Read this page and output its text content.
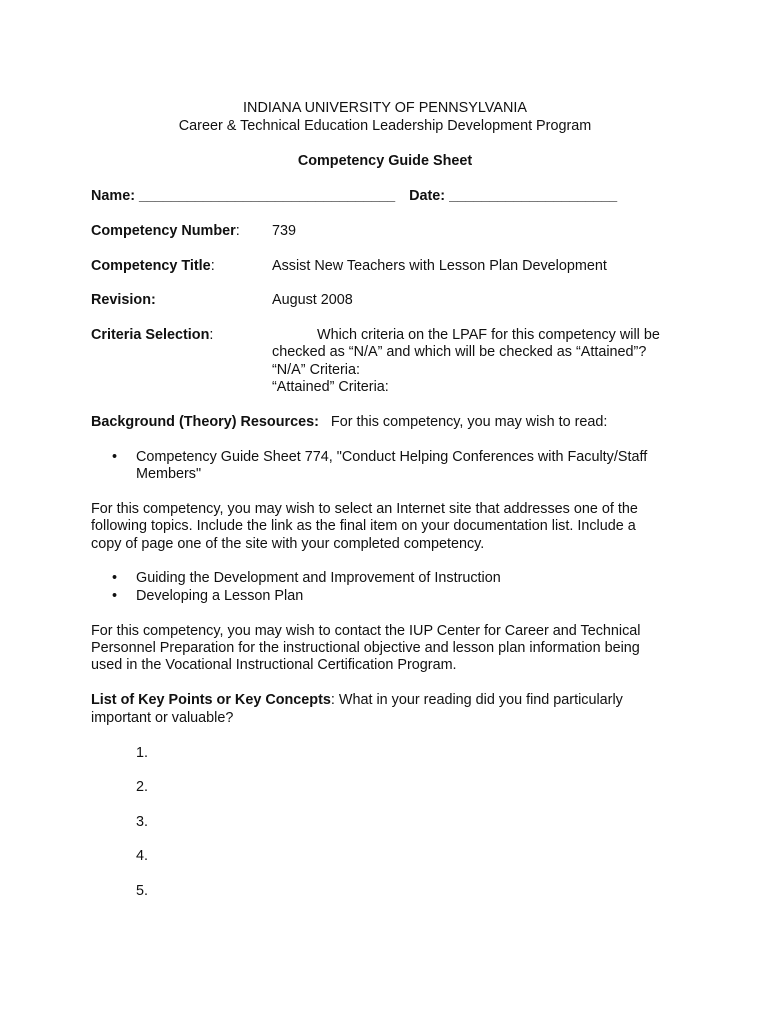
INDIANA UNIVERSITY OF PENNSYLVANIA
Career & Technical Education Leadership Development Program
Competency Guide Sheet
Name: ________________________________ Date: _____________________
Competency Number: 739
Competency Title:	Assist New Teachers with Lesson Plan Development
Revision:	August 2008
Criteria Selection:	Which criteria on the LPAF for this competency will be
checked as “N/A” and which will be checked as “Attained”?
“N/A” Criteria:
“Attained” Criteria:
Background (Theory) Resources: For this competency, you may wish to read:
• Competency Guide Sheet 774, "Conduct Helping Conferences with Faculty/Staff
Members"
For this competency, you may wish to select an Internet site that addresses one of the
following topics. Include the link as the final item on your documentation list. Include a
copy of page one of the site with your completed competency.
• Guiding the Development and Improvement of Instruction
• Developing a Lesson Plan
For this competency, you may wish to contact the IUP Center for Career and Technical
Personnel Preparation for the instructional objective and lesson plan information being
used in the Vocational Instructional Certification Program.
List of Key Points or Key Concepts: What in your reading did you find particularly
important or valuable?
1.
2.
3.
4.
5.
